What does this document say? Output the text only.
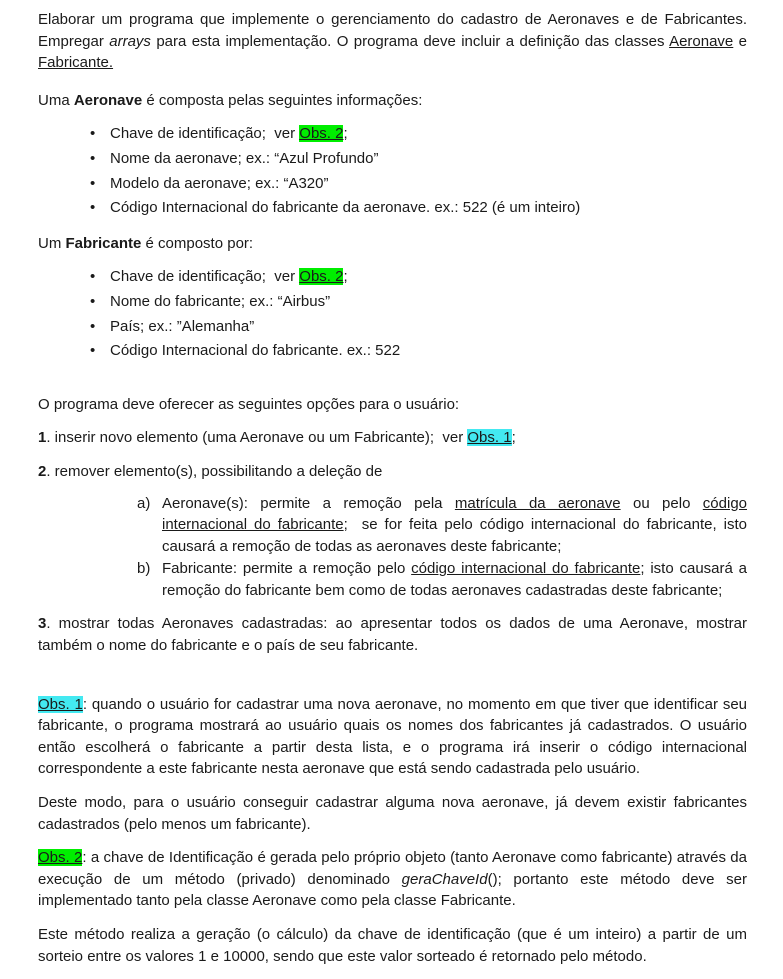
Elaborar um programa que implemente o gerenciamento do cadastro de Aeronaves e de Fabricantes. Empregar arrays para esta implementação. O programa deve incluir a definição das classes Aeronave e Fabricante.

Uma Aeronave é composta pelas seguintes informações:

• Chave de identificação;  ver Obs. 2;
• Nome da aeronave; ex.: “Azul Profundo”
• Modelo da aeronave; ex.: “A320”
• Código Internacional do fabricante da aeronave. ex.: 522 (é um inteiro)

Um Fabricante é composto por:

• Chave de identificação;  ver Obs. 2;
• Nome do fabricante; ex.: “Airbus”
• País; ex.: ”Alemanha”
• Código Internacional do fabricante. ex.: 522

O programa deve oferecer as seguintes opções para o usuário:

1. inserir novo elemento (uma Aeronave ou um Fabricante);  ver Obs. 1;

2. remover elemento(s), possibilitando a deleção de

a) Aeronave(s): permite a remoção pela matrícula da aeronave ou pelo código internacional do fabricante;  se for feita pelo código internacional do fabricante, isto causará a remoção de todas as aeronaves deste fabricante;
b) Fabricante: permite a remoção pelo código internacional do fabricante; isto causará a remoção do fabricante bem como de todas aeronaves cadastradas deste fabricante;

3. mostrar todas Aeronaves cadastradas: ao apresentar todos os dados de uma Aeronave, mostrar também o nome do fabricante e o país de seu fabricante.

Obs. 1: quando o usuário for cadastrar uma nova aeronave, no momento em que tiver que identificar seu fabricante, o programa mostrará ao usuário quais os nomes dos fabricantes já cadastrados. O usuário então escolherá o fabricante a partir desta lista, e o programa irá inserir o código internacional correspondente a este fabricante nesta aeronave que está sendo cadastrada pelo usuário.

Deste modo, para o usuário conseguir cadastrar alguma nova aeronave, já devem existir fabricantes cadastrados (pelo menos um fabricante).

Obs. 2: a chave de Identificação é gerada pelo próprio objeto (tanto Aeronave como fabricante) através da execução de um método (privado) denominado geraChaveId(); portanto este método deve ser implementado tanto pela classe Aeronave como pela classe Fabricante.

Este método realiza a geração (o cálculo) da chave de identificação (que é um inteiro) a partir de um sorteio entre os valores 1 e 10000, sendo que este valor sorteado é retornado pelo método.
